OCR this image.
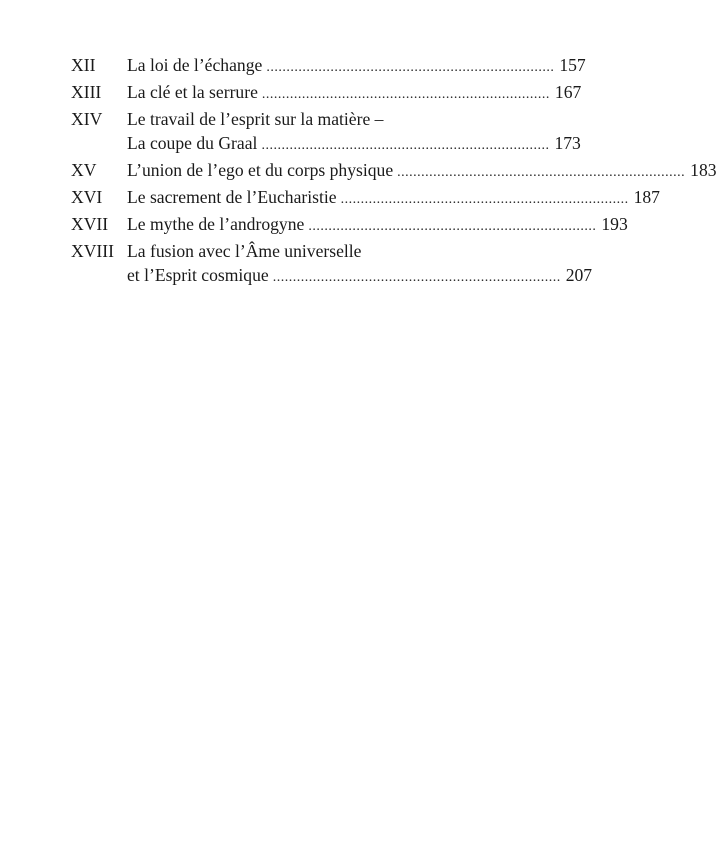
XII	La loi de l’échange ........................................................................ 157
XIII	La clé et la serrure ........................................................................ 167
XIV	Le travail de l’esprit sur la matière –
La coupe du Graal ........................................................................ 173
XV	L’union de l’ego et du corps physique ........................................................................ 183
XVI	Le sacrement de l’Eucharistie ........................................................................ 187
XVII	Le mythe de l’androgyne ........................................................................ 193
XVIII La fusion avec l’Âme universelle
et l’Esprit cosmique ........................................................................ 207
